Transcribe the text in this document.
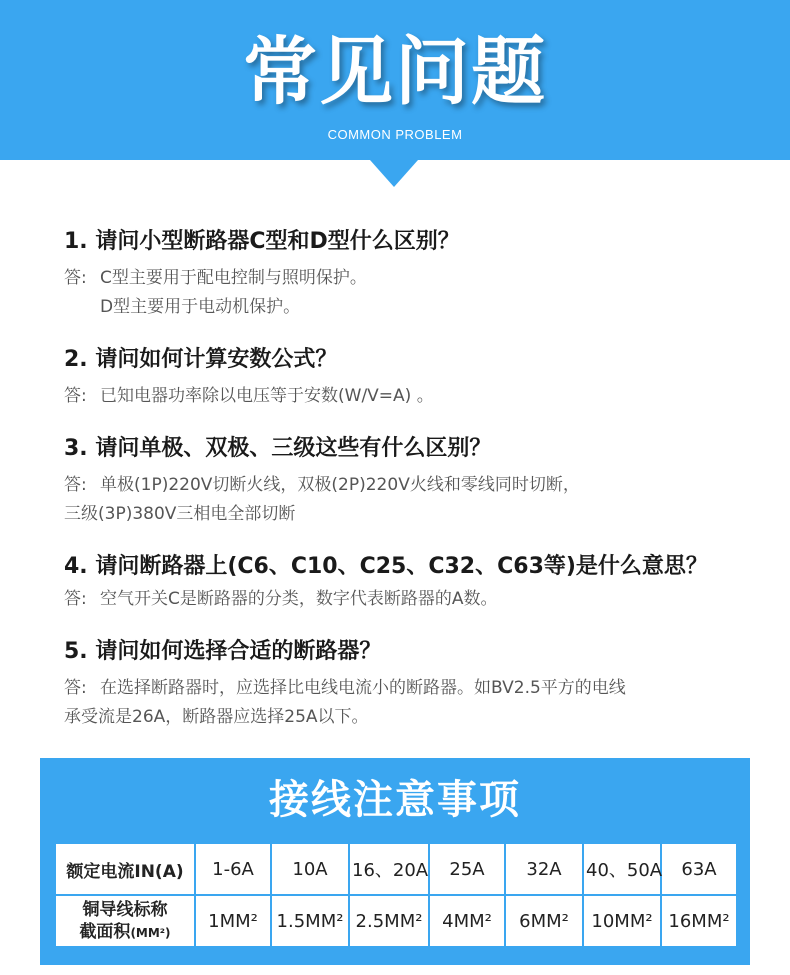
常见问题
COMMON PROBLEM
1. 请问小型断路器C型和D型什么区别？
答: C型主要用于配电控制与照明保护。
D型主要用于电动机保护。
2. 请问如何计算安数公式？
答: 已知电器功率除以电压等于安数(W/V=A) 。
3. 请问单极、双极、三级这些有什么区别？
答: 单极(1P)220V切断火线，双极(2P)220V火线和零线同时切断，
三级(3P)380V三相电全部切断
4. 请问断路器上(C6、C10、C25、C32、C63等)是什么意思？
答: 空气开关C是断路器的分类，数字代表断路器的A数。
5. 请问如何选择合适的断路器？
答: 在选择断路器时，应选择比电线电流小的断路器。如BV2.5平方的电线
承受流是26A，断路器应选择25A以下。
接线注意事项
额定电流IN(A)	1-6A	10A	16、20A	25A	32A	40、50A	63A

铜导线标称
截面积(MM²)	1MM²	1.5MM²	2.5MM²	4MM²	6MM²	10MM²	16MM²
